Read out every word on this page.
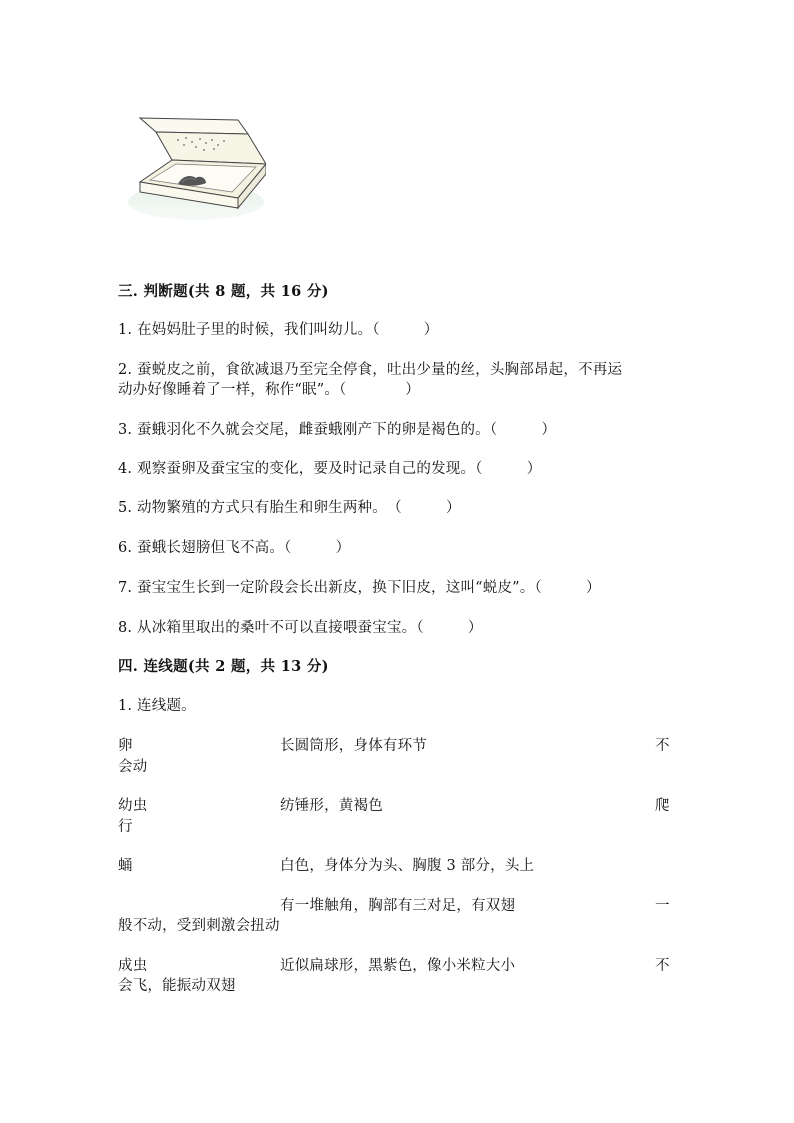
三. 判断题(共 8 题，共 16 分)
1. 在妈妈肚子里的时候，我们叫幼儿。（　　　）
2. 蚕蜕皮之前，食欲减退乃至完全停食，吐出少量的丝，头胸部昂起，不再运
动办好像睡着了一样，称作“眠”。（　　　　）
3. 蚕蛾羽化不久就会交尾，雌蚕蛾刚产下的卵是褐色的。（　　　）
4. 观察蚕卵及蚕宝宝的变化，要及时记录自己的发现。（　　　）
5. 动物繁殖的方式只有胎生和卵生两种。　（　　　）
6. 蚕蛾长翅膀但飞不高。（　　　）
7. 蚕宝宝生长到一定阶段会长出新皮，换下旧皮，这叫“蜕皮”。（　　　）
8. 从冰箱里取出的桑叶不可以直接喂蚕宝宝。（　　　）
四. 连线题(共 2 题，共 13 分)
1. 连线题。
卵	长圆筒形，身体有环节	不
会动
幼虫	纺锤形，黄褐色	爬
行
蛹	白色，身体分为头、胸腹 3 部分，头上
有一堆触角，胸部有三对足，有双翅	一
般不动，受到刺激会扭动
成虫	近似扁球形，黑紫色，像小米粒大小	不
会飞，能振动双翅
